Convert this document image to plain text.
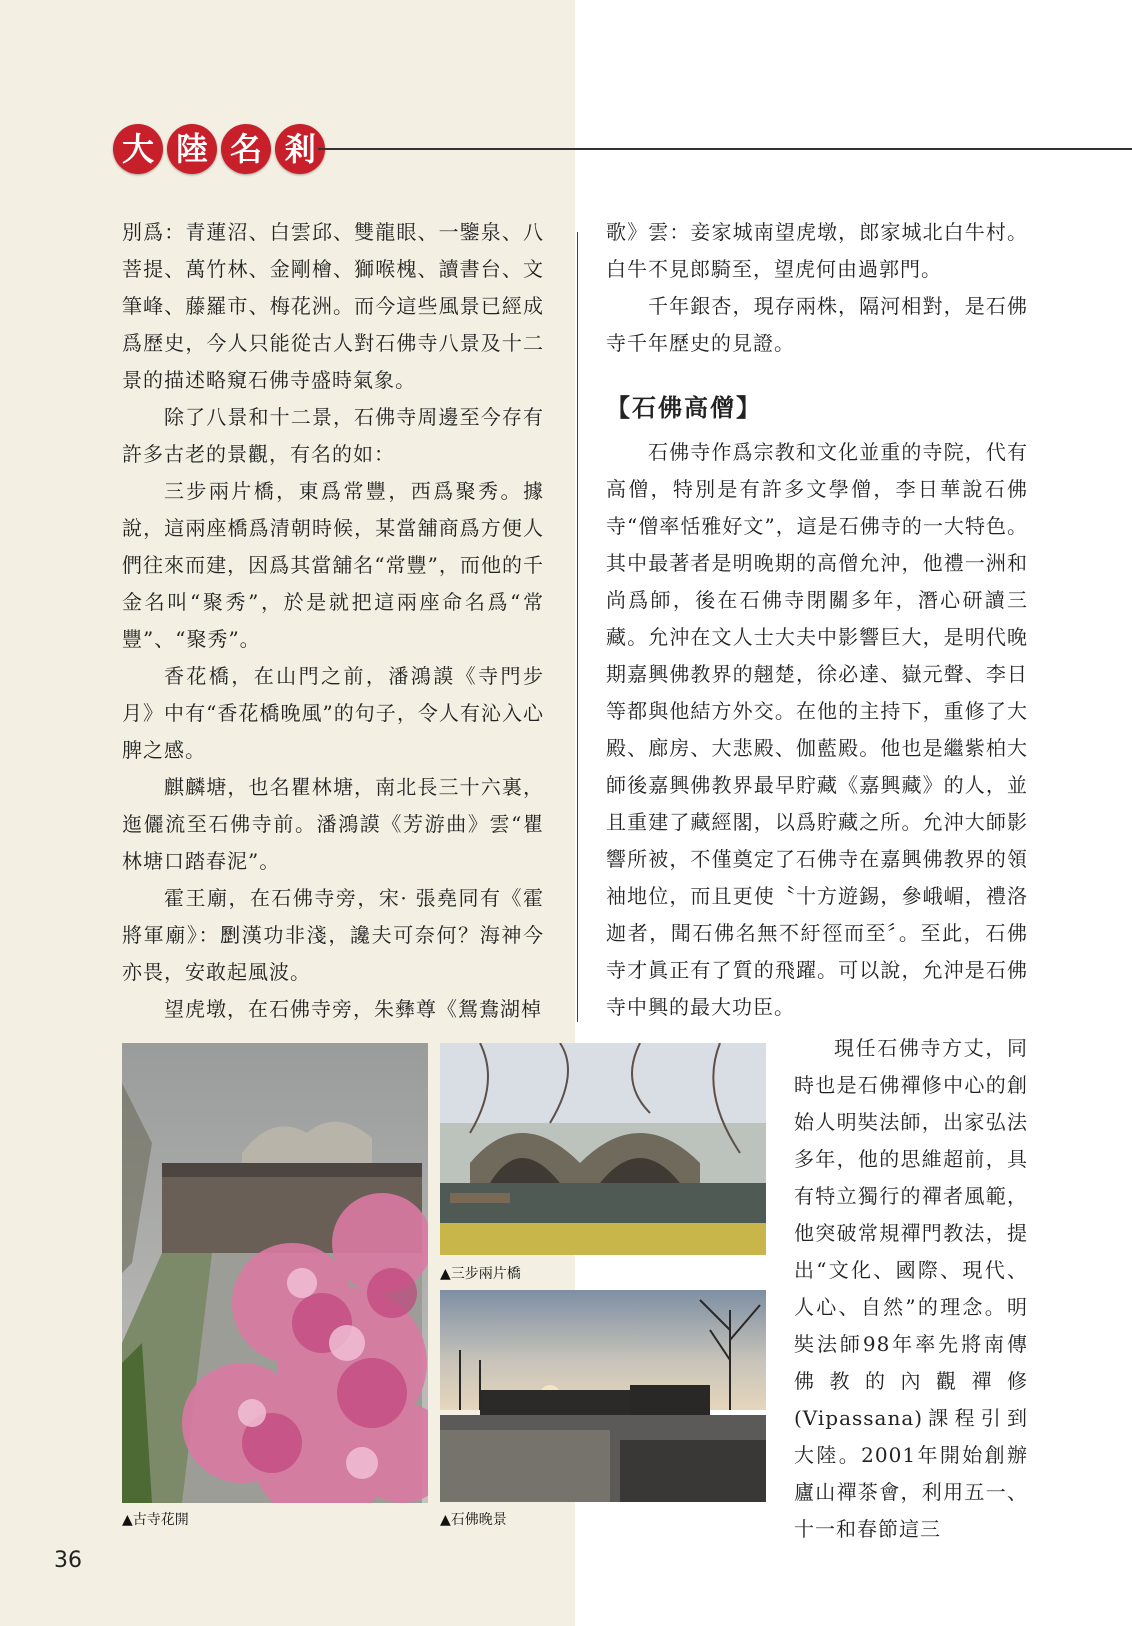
大 陸 名 剎

別爲：青蓮沼、白雲邱、雙龍眼、一鑒泉、八菩提、萬竹林、金剛檜、獅喉槐、讀書台、文筆峰、藤羅市、梅花洲。而今這些風景已經成爲歷史，今人只能從古人對石佛寺八景及十二景的描述略窺石佛寺盛時氣象。

除了八景和十二景，石佛寺周邊至今存有許多古老的景觀，有名的如：

三步兩片橋，東爲常豐，西爲聚秀。據說，這兩座橋爲清朝時候，某當舖商爲方便人們往來而建，因爲其當舖名“常豐”，而他的千金名叫“聚秀”，於是就把這兩座命名爲“常豐”、“聚秀”。

香花橋，在山門之前，潘鴻謨《寺門步月》中有“香花橋晚風”的句子，令人有沁入心脾之感。

麒麟塘，也名瞿林塘，南北長三十六裏，迤儷流至石佛寺前。潘鴻謨《芳游曲》雲“瞿林塘口踏春泥”。

霍王廟，在石佛寺旁，宋· 張堯同有《霍將軍廟》：𠠝漢功非淺，讒夫可奈何？海神今亦畏，安敢起風波。

望虎墩，在石佛寺旁，朱彝尊《鴛鴦湖棹

歌》雲：妾家城南望虎墩，郎家城北白牛村。白牛不見郎騎至，望虎何由過郭門。

千年銀杏，現存兩株，隔河相對，是石佛寺千年歷史的見證。

【石佛高僧】

石佛寺作爲宗教和文化並重的寺院，代有高僧，特別是有許多文學僧，李日華說石佛寺“僧率恬雅好文”，這是石佛寺的一大特色。其中最著者是明晚期的高僧允沖，他禮一洲和尚爲師，後在石佛寺閉關多年，潛心研讀三藏。允沖在文人士大夫中影響巨大，是明代晚期嘉興佛教界的翹楚，徐必達、嶽元聲、李日等都與他結方外交。在他的主持下，重修了大殿、廊房、大悲殿、伽藍殿。他也是繼紫柏大師後嘉興佛教界最早貯藏《嘉興藏》的人，並且重建了藏經閣，以爲貯藏之所。允沖大師影響所被，不僅奠定了石佛寺在嘉興佛教界的領袖地位，而且更使〝十方遊錫，參峨嵋，禮洛迦者，聞石佛名無不紆徑而至〞。至此，石佛寺才眞正有了質的飛躍。可以說，允沖是石佛寺中興的最大功臣。

現任石佛寺方丈，同時也是石佛禪修中心的創始人明奘法師，出家弘法多年，他的思維超前，具有特立獨行的禪者風範，他突破常規禪門教法，提出“文化、國際、現代、人心、自然”的理念。明奘法師98年率先將南傳佛教的內觀禪修(Vipassana)課程引到大陸。2001年開始創辦廬山禪茶會，利用五一、十一和春節這三

▲古寺花開
▲三步兩片橋
▲石佛晚景
36
